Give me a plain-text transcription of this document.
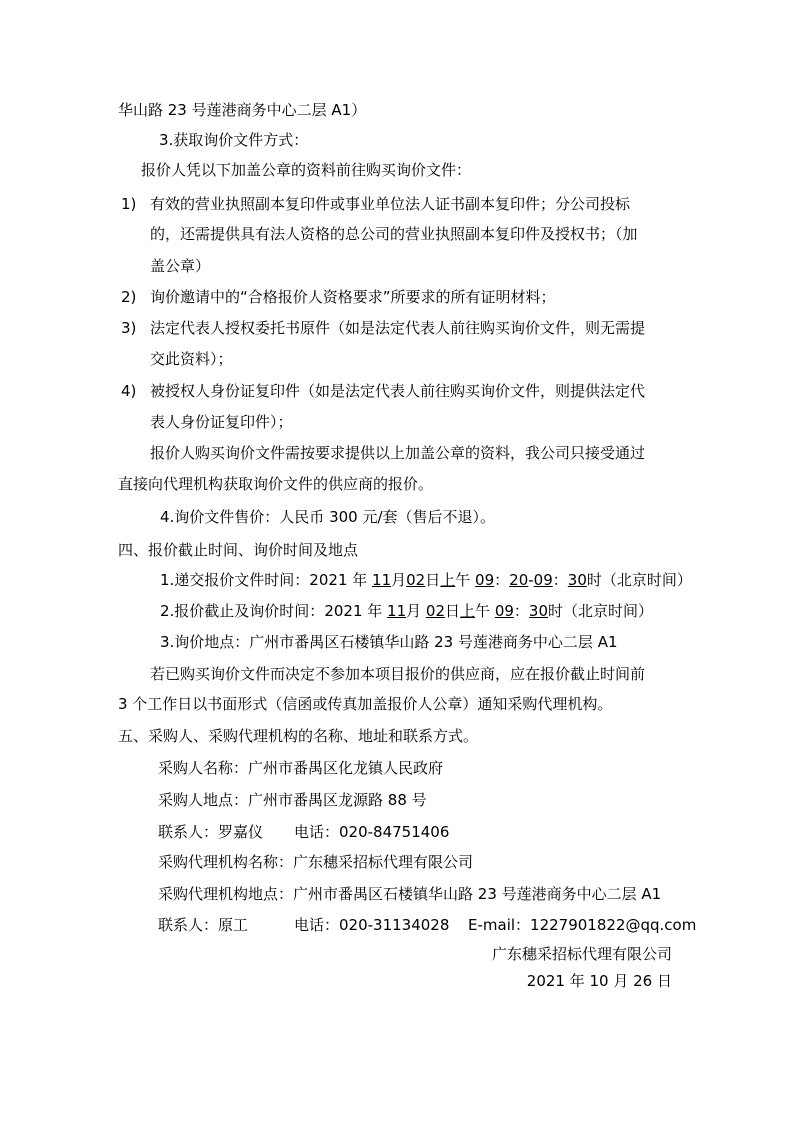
华山路 23 号莲港商务中心二层 A1）
3.获取询价文件方式：
报价人凭以下加盖公章的资料前往购买询价文件：
1) 有效的营业执照副本复印件或事业单位法人证书副本复印件；分公司投标
的，还需提供具有法人资格的总公司的营业执照副本复印件及授权书；（加
盖公章）
2) 询价邀请中的“合格报价人资格要求”所要求的所有证明材料；
3) 法定代表人授权委托书原件（如是法定代表人前往购买询价文件，则无需提
交此资料）；
4) 被授权人身份证复印件（如是法定代表人前往购买询价文件，则提供法定代
表人身份证复印件）；
报价人购买询价文件需按要求提供以上加盖公章的资料，我公司只接受通过
直接向代理机构获取询价文件的供应商的报价。
4.询价文件售价：人民币 300 元/套（售后不退）。
四、报价截止时间、询价时间及地点
1.递交报价文件时间：2021 年 11月02日上午 09：20-09：30时（北京时间）
2.报价截止及询价时间：2021 年 11月 02日上午 09：30时（北京时间）
3.询价地点：广州市番禺区石楼镇华山路 23 号莲港商务中心二层 A1
若已购买询价文件而决定不参加本项目报价的供应商，应在报价截止时间前
3 个工作日以书面形式（信函或传真加盖报价人公章）通知采购代理机构。
五、采购人、采购代理机构的名称、地址和联系方式。
采购人名称：广州市番禺区化龙镇人民政府
采购人地点：广州市番禺区龙源路 88 号
联系人：罗嘉仪 电话：020-84751406
采购代理机构名称：广东穗采招标代理有限公司
采购代理机构地点：广州市番禺区石楼镇华山路 23 号莲港商务中心二层 A1
联系人：原工	电话：020-31134028 E-mail：1227901822@qq.com
广东穗采招标代理有限公司
2021 年 10 月 26 日
